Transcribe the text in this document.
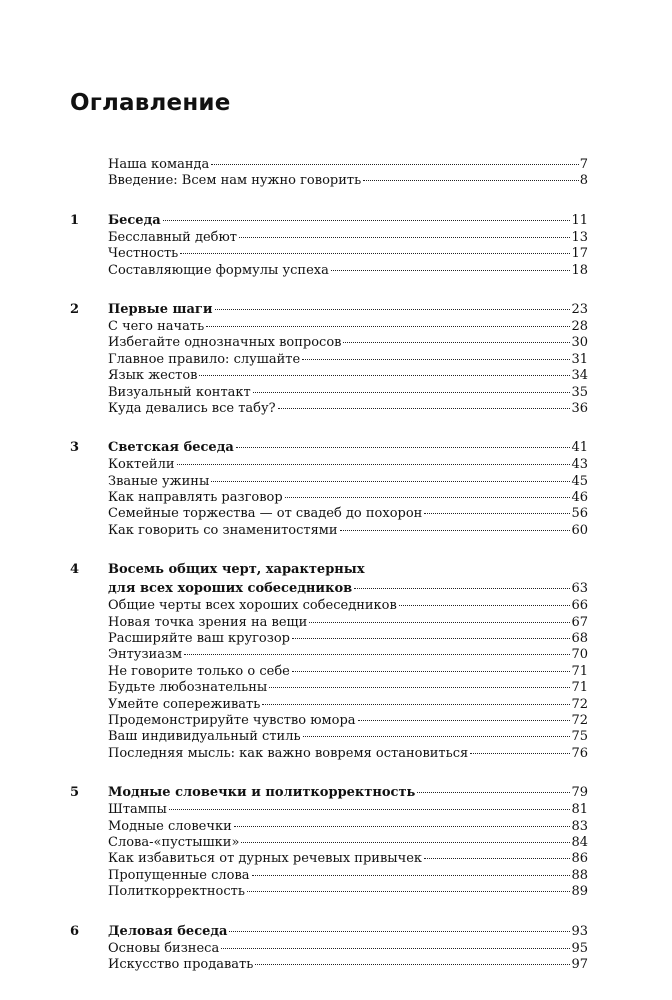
Оглавление
Наша команда	7
Введение: Всем нам нужно говорить	8
1 Беседа	11
Бесславный дебют	13
Честность	17
Составляющие формулы успеха	18
2 Первые шаги	23
С чего начать	28
Избегайте однозначных вопросов	30
Главное правило: слушайте	31
Язык жестов	34
Визуальный контакт	35
Куда девались все табу?	36
3 Светская беседа	41
Коктейли	43
Званые ужины	45
Как направлять разговор	46
Семейные торжества — от свадеб до похорон	56
Как говорить со знаменитостями	60
4 Восемь общих черт, характерных
для всех хороших собеседников	63
Общие черты всех хороших собеседников	66
Новая точка зрения на вещи	67
Расширяйте ваш кругозор	68
Энтузиазм	70
Не говорите только о себе	71
Будьте любознательны	71
Умейте сопереживать	72
Продемонстрируйте чувство юмора	72
Ваш индивидуальный стиль	75
Последняя мысль: как важно вовремя остановиться	76
5 Модные словечки и политкорректность	79
Штампы	81
Модные словечки	83
Слова-«пустышки»	84
Как избавиться от дурных речевых привычек	86
Пропущенные слова	88
Политкорректность	89
6 Деловая беседа	93
Основы бизнеса	95
Искусство продавать	97
